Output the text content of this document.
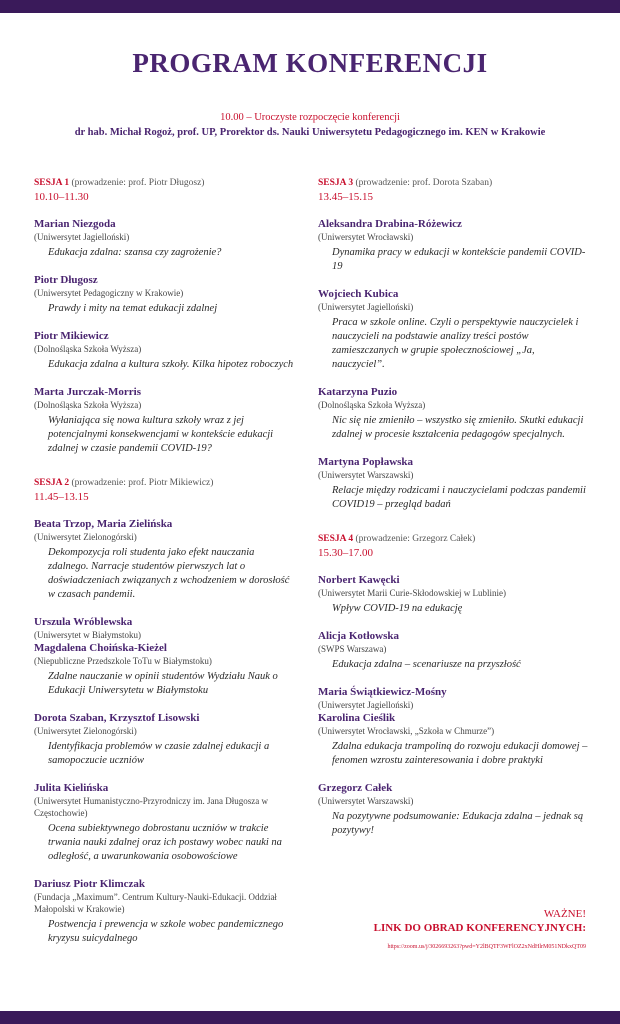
PROGRAM KONFERENCJI
10.00 – Uroczyste rozpoczęcie konferencji
dr hab. Michał Rogoż, prof. UP, Prorektor ds. Nauki Uniwersytetu Pedagogicznego im. KEN w Krakowie
SESJA 1 (prowadzenie: prof. Piotr Długosz)
10.10–11.30
Marian Niezgoda
(Uniwersytet Jagielloński)
Edukacja zdalna: szansa czy zagrożenie?
Piotr Długosz
(Uniwersytet Pedagogiczny w Krakowie)
Prawdy i mity na temat edukacji zdalnej
Piotr Mikiewicz
(Dolnośląska Szkoła Wyższa)
Edukacja zdalna a kultura szkoły. Kilka hipotez roboczych
Marta Jurczak-Morris
(Dolnośląska Szkoła Wyższa)
Wyłaniająca się nowa kultura szkoły wraz z jej potencjalnymi konsekwencjami w kontekście edukacji zdalnej w czasie pandemii COVID-19?
SESJA 2 (prowadzenie: prof. Piotr Mikiewicz)
11.45–13.15
Beata Trzop, Maria Zielińska
(Uniwersytet Zielonogórski)
Dekompozycja roli studenta jako efekt nauczania zdalnego. Narracje studentów pierwszych lat o doświadczeniach związanych z wchodzeniem w dorosłość w czasach pandemii.
Urszula Wróblewska
(Uniwersytet w Białymstoku)
Magdalena Choińska-Kieżel
(Niepubliczne Przedszkole ToTu w Białymstoku)
Zdalne nauczanie w opinii studentów Wydziału Nauk o Edukacji Uniwersytetu w Białymstoku
Dorota Szaban, Krzysztof Lisowski
(Uniwersytet Zielonogórski)
Identyfikacja problemów w czasie zdalnej edukacji a samopoczucie uczniów
Julita Kielińska
(Uniwersytet Humanistyczno-Przyrodniczy im. Jana Długosza w Częstochowie)
Ocena subiektywnego dobrostanu uczniów w trakcie trwania nauki zdalnej oraz ich postawy wobec nauki na odległość, a uwarunkowania osobowościowe
Dariusz Piotr Klimczak
(Fundacja „Maximum”. Centrum Kultury-Nauki-Edukacji. Oddział Małopolski w Krakowie)
Postwencja i prewencja w szkole wobec pandemicznego kryzysu suicydalnego
SESJA 3 (prowadzenie: prof. Dorota Szaban)
13.45–15.15
Aleksandra Drabina-Różewicz
(Uniwersytet Wrocławski)
Dynamika pracy w edukacji w kontekście pandemii COVID-19
Wojciech Kubica
(Uniwersytet Jagielloński)
Praca w szkole online. Czyli o perspektywie nauczycielek i nauczycieli na podstawie analizy treści postów zamieszczanych w grupie społecznościowej „Ja, nauczyciel”.
Katarzyna Puzio
(Dolnośląska Szkoła Wyższa)
Nic się nie zmieniło – wszystko się zmieniło. Skutki edukacji zdalnej w procesie kształcenia pedagogów specjalnych.
Martyna Popławska
(Uniwersytet Warszawski)
Relacje między rodzicami i nauczycielami podczas pandemii COVID19 – przegląd badań
SESJA 4 (prowadzenie: Grzegorz Całek)
15.30–17.00
Norbert Kawęcki
(Uniwersytet Marii Curie-Skłodowskiej w Lublinie)
Wpływ COVID-19 na edukację
Alicja Kotłowska
(SWPS Warszawa)
Edukacja zdalna – scenariusze na przyszłość
Maria Świątkiewicz-Mośny
(Uniwersytet Jagielloński)
Karolina Cieślik
(Uniwersytet Wrocławski, „Szkoła w Chmurze”)
Zdalna edukacja trampoliną do rozwoju edukacji domowej – fenomen wzrostu zainteresowania i dobre praktyki
Grzegorz Całek
(Uniwersytet Warszawski)
Na pozytywne podsumowanie: Edukacja zdalna – jednak są pozytywy!
WAŻNE!
LINK DO OBRAD KONFERENCYJNYCH:
https://zoom.us/j/3026693263?pwd=Y2lBQTF3WFlOZ2xNdHlrM051NDkxQT09
